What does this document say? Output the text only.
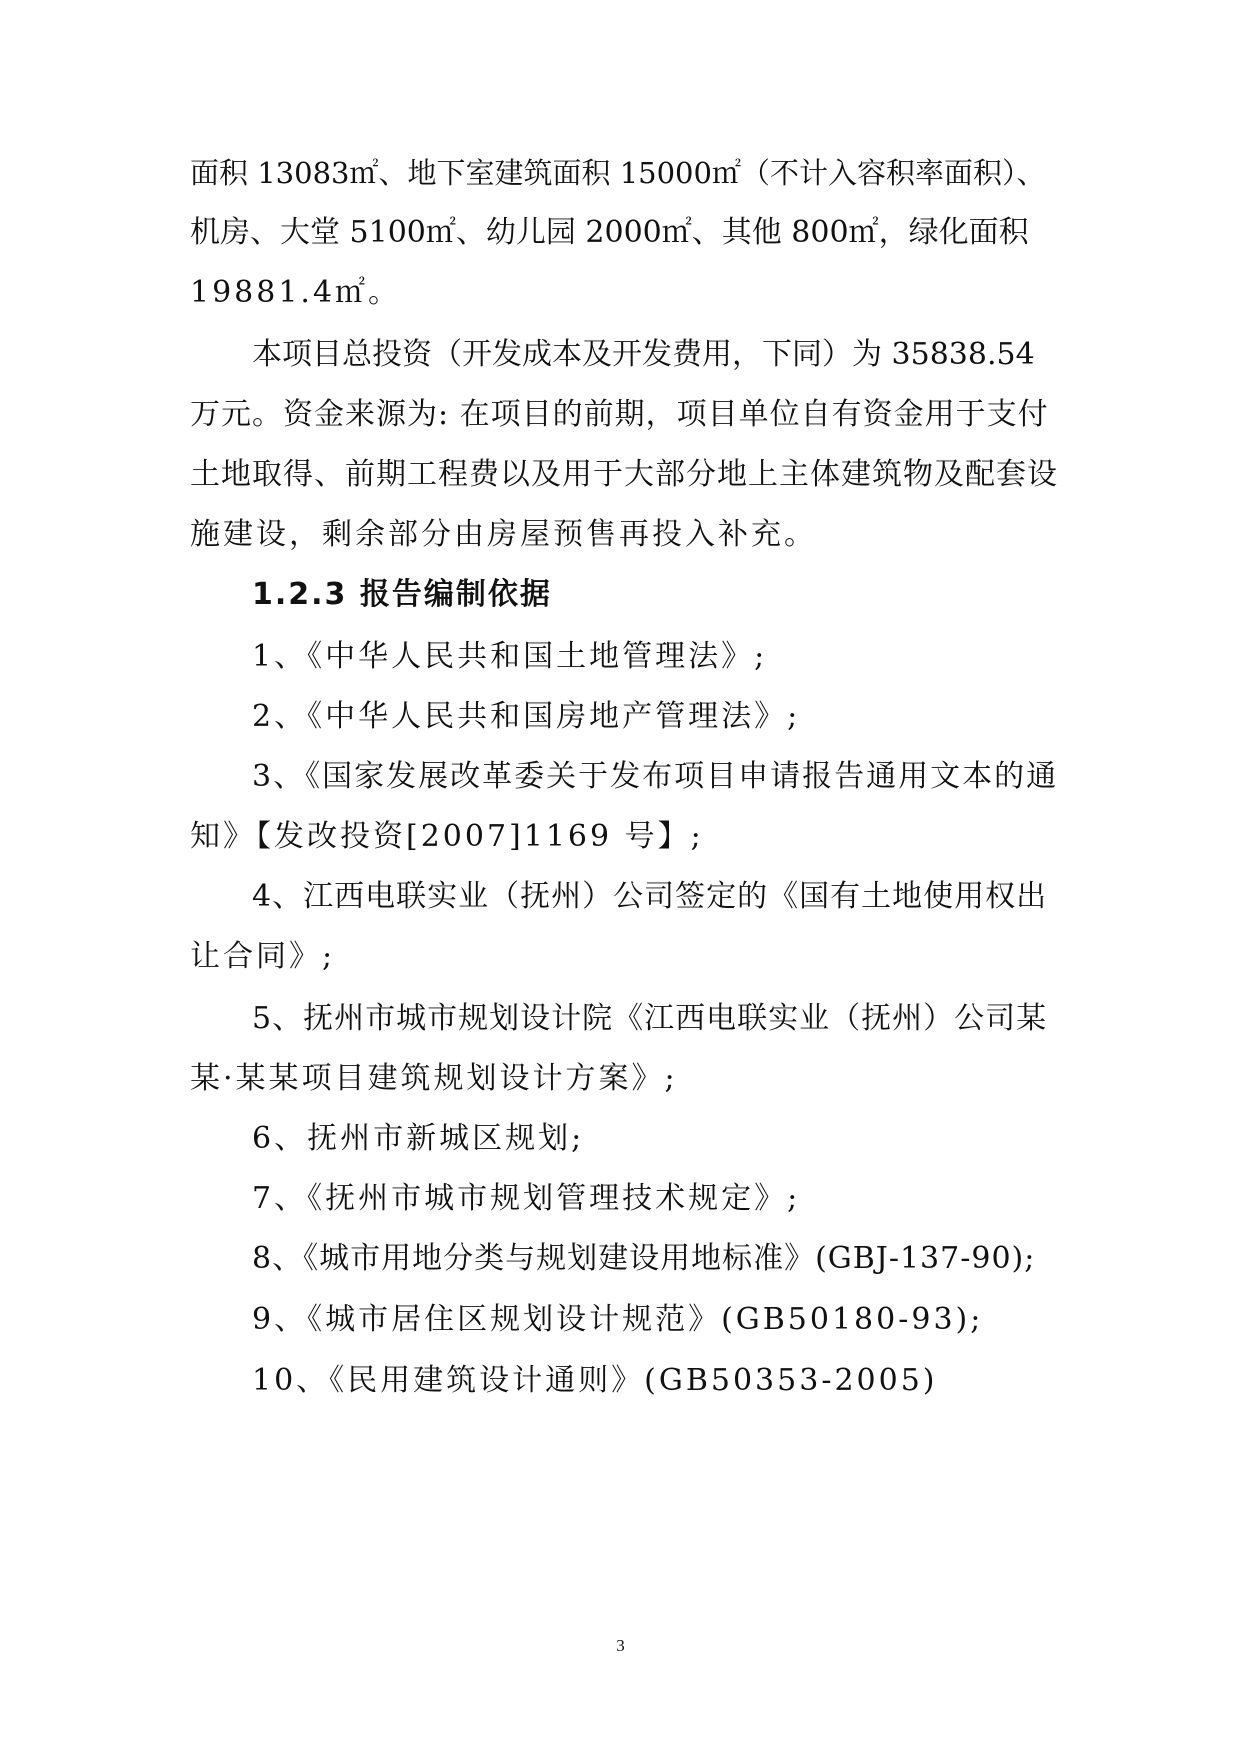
面积 13083㎡、地下室建筑面积 15000㎡（不计入容积率面积）、

机房、大堂 5100㎡、幼儿园 2000㎡、其他 800㎡，绿化面积

19881.4㎡。

本项目总投资（开发成本及开发费用，下同）为 35838.54

万元。资金来源为: 在项目的前期，项目单位自有资金用于支付

土地取得、前期工程费以及用于大部分地上主体建筑物及配套设

施建设，剩余部分由房屋预售再投入补充。

1.2.3 报告编制依据

1、《中华人民共和国土地管理法》;

2、《中华人民共和国房地产管理法》;

3、《国家发展改革委关于发布项目申请报告通用文本的通

知》【发改投资[2007]1169 号】;

4、江西电联实业（抚州）公司签定的《国有土地使用权出

让合同》;

5、抚州市城市规划设计院《江西电联实业（抚州）公司某

某·某某项目建筑规划设计方案》;

6、抚州市新城区规划;

7、《抚州市城市规划管理技术规定》;

8、《城市用地分类与规划建设用地标准》(GBJ-137-90);

9、《城市居住区规划设计规范》(GB50180-93);

10、《民用建筑设计通则》(GB50353-2005)

3
